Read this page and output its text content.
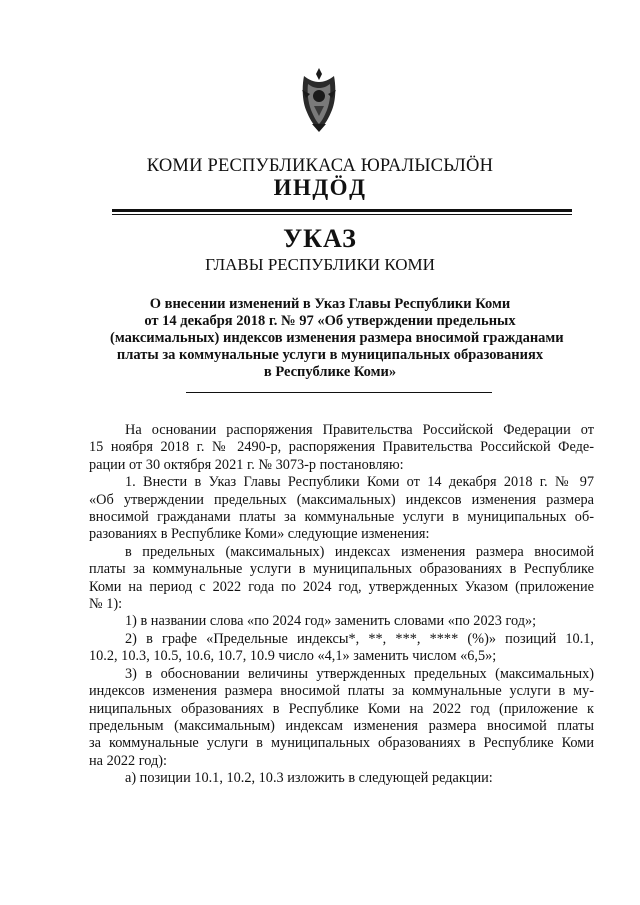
КОМИ РЕСПУБЛИКАСА ЮРАЛЫСЬЛӦН
ИНДӦД
УКАЗ
ГЛАВЫ РЕСПУБЛИКИ КОМИ
О внесении изменений в Указ Главы Республики Коми
от 14 декабря 2018 г. № 97 «Об утверждении предельных
(максимальных) индексов изменения размера вносимой гражданами
платы за коммунальные услуги в муниципальных образованиях
в Республике Коми»
На основании распоряжения Правительства Российской Федерации от
15 ноября 2018 г. № 2490-р, распоряжения Правительства Российской Феде-
рации от 30 октября 2021 г. № 3073-р постановляю:
1. Внести в Указ Главы Республики Коми от 14 декабря 2018 г. № 97
«Об утверждении предельных (максимальных) индексов изменения размера
вносимой гражданами платы за коммунальные услуги в муниципальных об-
разованиях в Республике Коми» следующие изменения:
в предельных (максимальных) индексах изменения размера вносимой
платы за коммунальные услуги в муниципальных образованиях в Республике
Коми на период с 2022 года по 2024 год, утвержденных Указом (приложение
№ 1):
1) в названии слова «по 2024 год» заменить словами «по 2023 год»;
2) в графе «Предельные индексы*, **, ***, **** (%)» позиций 10.1,
10.2, 10.3, 10.5, 10.6, 10.7, 10.9 число «4,1» заменить числом «6,5»;
3) в обосновании величины утвержденных предельных (максимальных)
индексов изменения размера вносимой платы за коммунальные услуги в му-
ниципальных образованиях в Республике Коми на 2022 год (приложение к
предельным (максимальным) индексам изменения размера вносимой платы
за коммунальные услуги в муниципальных образованиях в Республике Коми
на 2022 год):
а) позиции 10.1, 10.2, 10.3 изложить в следующей редакции:
